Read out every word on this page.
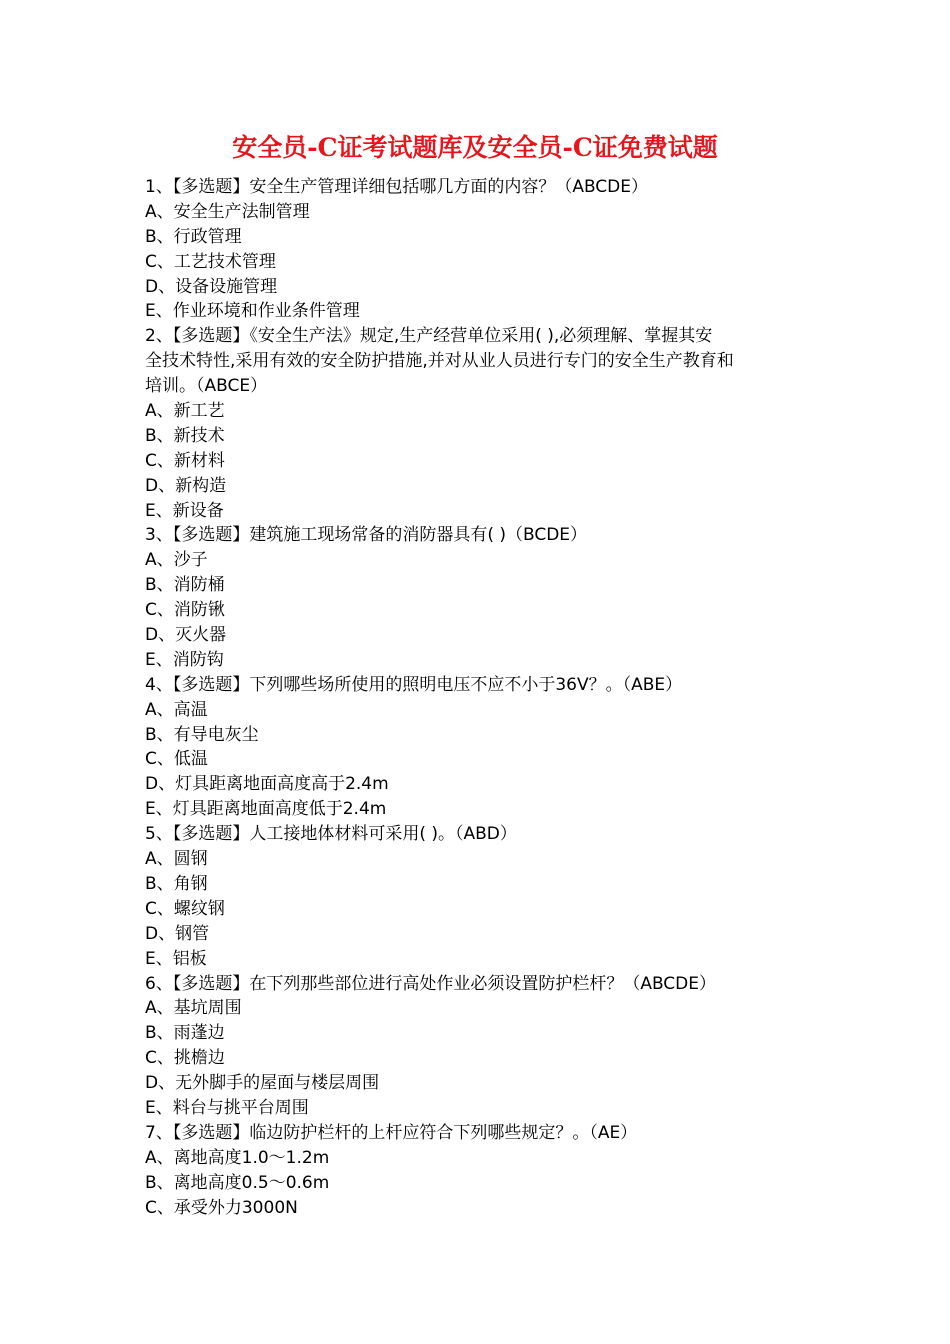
安全员-C证考试题库及安全员-C证免费试题
1、【多选题】安全生产管理详细包括哪几方面的内容？（ABCDE）
A、安全生产法制管理
B、行政管理
C、工艺技术管理
D、设备设施管理
E、作业环境和作业条件管理
2、【多选题】《安全生产法》规定,生产经营单位采用( ),必须理解、掌握其安
全技术特性,采用有效的安全防护措施,并对从业人员进行专门的安全生产教育和
培训。（ABCE）
A、新工艺
B、新技术
C、新材料
D、新构造
E、新设备
3、【多选题】建筑施工现场常备的消防器具有( )（BCDE）
A、沙子
B、消防桶
C、消防锹
D、灭火器
E、消防钩
4、【多选题】下列哪些场所使用的照明电压不应不小于36V？。（ABE）
A、高温
B、有导电灰尘
C、低温
D、灯具距离地面高度高于2.4m
E、灯具距离地面高度低于2.4m
5、【多选题】人工接地体材料可采用( )。（ABD）
A、圆钢
B、角钢
C、螺纹钢
D、钢管
E、铝板
6、【多选题】在下列那些部位进行高处作业必须设置防护栏杆？（ABCDE）
A、基坑周围
B、雨蓬边
C、挑檐边
D、无外脚手的屋面与楼层周围
E、料台与挑平台周围
7、【多选题】临边防护栏杆的上杆应符合下列哪些规定？。（AE）
A、离地高度1.0～1.2m
B、离地高度0.5～0.6m
C、承受外力3000N
